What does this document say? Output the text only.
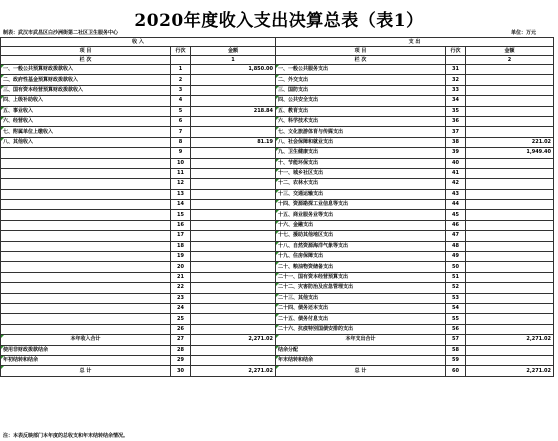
2020年度收入支出决算总表（表1）
制表：武汉市武昌区白沙洲街第二社区卫生服务中心	单位：万元
收 入			支 出		
项 目	行次	金额	项 目	行次	金额
栏 次		1	栏 次		2
一、一般公共预算财政拨款收入	1	1,850.00	一、一般公共服务支出	31	
二、政府性基金预算财政拨款收入	2		二、外交支出	32	
三、国有资本经营预算财政拨款收入	3		三、国防支出	33	
四、上级补助收入	4		四、公共安全支出	34	
五、事业收入	5	218.84	五、教育支出	35	
六、经营收入	6		六、科学技术支出	36	
七、附属单位上缴收入	7		七、文化旅游体育与传媒支出	37	
八、其他收入	8	81.19	八、社会保障和就业支出	38	221.02
	9		九、卫生健康支出	39	1,949.40
	10		十、节能环保支出	40	
	11		十一、城乡社区支出	41	
	12		十二、农林水支出	42	
	13		十三、交通运输支出	43	
	14		十四、资源勘探工业信息等支出	44	
	15		十五、商业服务业等支出	45	
	16		十六、金融支出	46	
	17		十七、援助其他地区支出	47	
	18		十八、自然资源海洋气象等支出	48	
	19		十九、住房保障支出	49	
	20		二十、粮油物资储备支出	50	
	21		二十一、国有资本经营预算支出	51	
	22		二十二、灾害防治及应急管理支出	52	
	23		二十三、其他支出	53	
	24		二十四、债务还本支出	54	
	25		二十五、债务付息支出	55	
	26		二十六、抗疫特别国债安排的支出	56	
本年收入合计	27	2,271.02	本年支出合计	57	2,271.02
使用非财政拨款结余	28		结余分配	58	
年初结转和结余	29		年末结转和结余	59	
总 计	30	2,271.02	总 计	60	2,271.02
注：本表反映部门本年度的总收支和年末结转结余情况。
